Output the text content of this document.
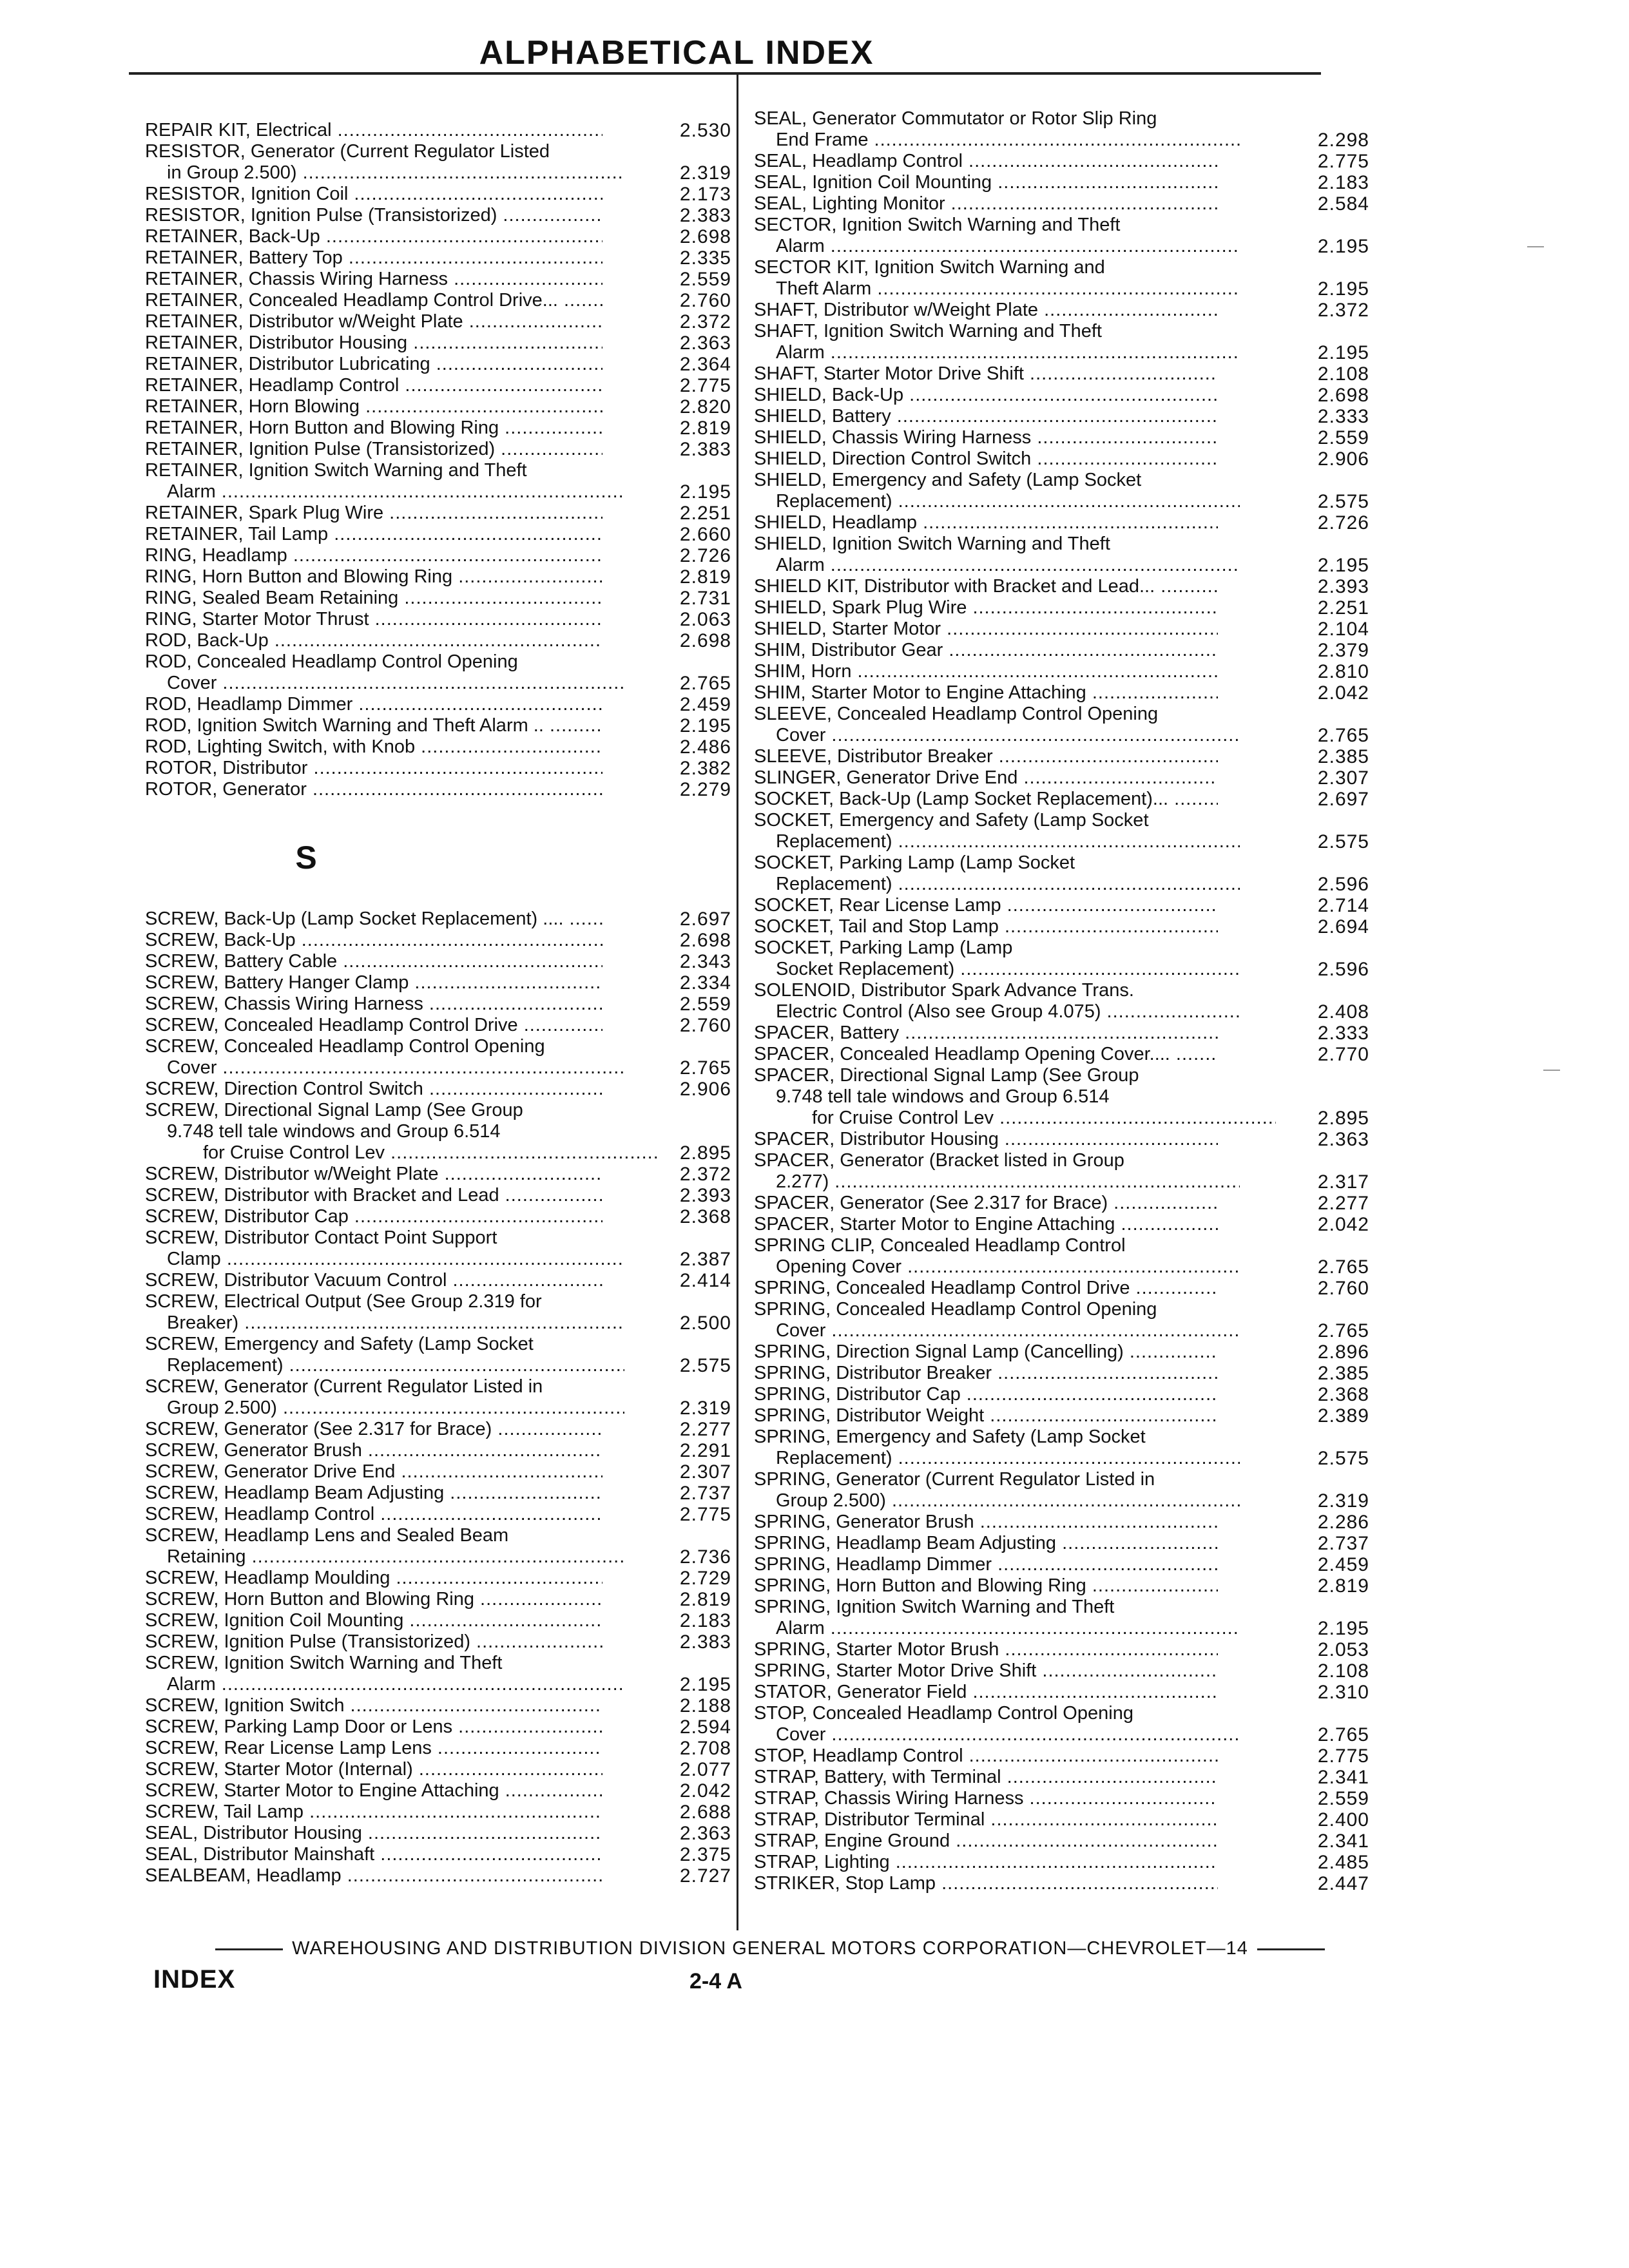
ALPHABETICAL INDEX
REPAIR KIT, Electrical .....	2.530
RESISTOR, Generator (Current Regulator Listed
in Group 2.500) .....	2.319
RESISTOR, Ignition Coil .....	2.173
RESISTOR, Ignition Pulse (Transistorized) .....	2.383
RETAINER, Back-Up .....	2.698
RETAINER, Battery Top .....	2.335
RETAINER, Chassis Wiring Harness .....	2.559
RETAINER, Concealed Headlamp Control Drive... .....	2.760
RETAINER, Distributor w/Weight Plate .....	2.372
RETAINER, Distributor Housing .....	2.363
RETAINER, Distributor Lubricating .....	2.364
RETAINER, Headlamp Control .....	2.775
RETAINER, Horn Blowing .....	2.820
RETAINER, Horn Button and Blowing Ring .....	2.819
RETAINER, Ignition Pulse (Transistorized) .....	2.383
RETAINER, Ignition Switch Warning and Theft
Alarm .....	2.195
RETAINER, Spark Plug Wire .....	2.251
RETAINER, Tail Lamp .....	2.660
RING, Headlamp .....	2.726
RING, Horn Button and Blowing Ring .....	2.819
RING, Sealed Beam Retaining .....	2.731
RING, Starter Motor Thrust .....	2.063
ROD, Back-Up .....	2.698
ROD, Concealed Headlamp Control Opening
Cover .....	2.765
ROD, Headlamp Dimmer .....	2.459
ROD, Ignition Switch Warning and Theft Alarm .. .....	2.195
ROD, Lighting Switch, with Knob .....	2.486
ROTOR, Distributor .....	2.382
ROTOR, Generator .....	2.279
S
SCREW, Back-Up (Lamp Socket Replacement) .... .....	2.697
SCREW, Back-Up .....	2.698
SCREW, Battery Cable .....	2.343
SCREW, Battery Hanger Clamp .....	2.334
SCREW, Chassis Wiring Harness .....	2.559
SCREW, Concealed Headlamp Control Drive .....	2.760
SCREW, Concealed Headlamp Control Opening
Cover .....	2.765
SCREW, Direction Control Switch .....	2.906
SCREW, Directional Signal Lamp (See Group
9.748 tell tale windows and Group 6.514
for Cruise Control Lev .....	2.895
SCREW, Distributor w/Weight Plate .....	2.372
SCREW, Distributor with Bracket and Lead .....	2.393
SCREW, Distributor Cap .....	2.368
SCREW, Distributor Contact Point Support
Clamp .....	2.387
SCREW, Distributor Vacuum Control .....	2.414
SCREW, Electrical Output (See Group 2.319 for
Breaker) .....	2.500
SCREW, Emergency and Safety (Lamp Socket
Replacement) .....	2.575
SCREW, Generator (Current Regulator Listed in
Group 2.500) .....	2.319
SCREW, Generator (See 2.317 for Brace) .....	2.277
SCREW, Generator Brush .....	2.291
SCREW, Generator Drive End .....	2.307
SCREW, Headlamp Beam Adjusting .....	2.737
SCREW, Headlamp Control .....	2.775
SCREW, Headlamp Lens and Sealed Beam
Retaining .....	2.736
SCREW, Headlamp Moulding .....	2.729
SCREW, Horn Button and Blowing Ring .....	2.819
SCREW, Ignition Coil Mounting .....	2.183
SCREW, Ignition Pulse (Transistorized) .....	2.383
SCREW, Ignition Switch Warning and Theft
Alarm .....	2.195
SCREW, Ignition Switch .....	2.188
SCREW, Parking Lamp Door or Lens .....	2.594
SCREW, Rear License Lamp Lens .....	2.708
SCREW, Starter Motor (Internal) .....	2.077
SCREW, Starter Motor to Engine Attaching .....	2.042
SCREW, Tail Lamp .....	2.688
SEAL, Distributor Housing .....	2.363
SEAL, Distributor Mainshaft .....	2.375
SEALBEAM, Headlamp .....	2.727
SEAL, Generator Commutator or Rotor Slip Ring
End Frame .....	2.298
SEAL, Headlamp Control .....	2.775
SEAL, Ignition Coil Mounting .....	2.183
SEAL, Lighting Monitor .....	2.584
SECTOR, Ignition Switch Warning and Theft
Alarm .....	2.195
SECTOR KIT, Ignition Switch Warning and
Theft Alarm .....	2.195
SHAFT, Distributor w/Weight Plate .....	2.372
SHAFT, Ignition Switch Warning and Theft
Alarm .....	2.195
SHAFT, Starter Motor Drive Shift .....	2.108
SHIELD, Back-Up .....	2.698
SHIELD, Battery .....	2.333
SHIELD, Chassis Wiring Harness .....	2.559
SHIELD, Direction Control Switch .....	2.906
SHIELD, Emergency and Safety (Lamp Socket
Replacement) .....	2.575
SHIELD, Headlamp .....	2.726
SHIELD, Ignition Switch Warning and Theft
Alarm .....	2.195
SHIELD KIT, Distributor with Bracket and Lead... .....	2.393
SHIELD, Spark Plug Wire .....	2.251
SHIELD, Starter Motor .....	2.104
SHIM, Distributor Gear .....	2.379
SHIM, Horn .....	2.810
SHIM, Starter Motor to Engine Attaching .....	2.042
SLEEVE, Concealed Headlamp Control Opening
Cover .....	2.765
SLEEVE, Distributor Breaker .....	2.385
SLINGER, Generator Drive End .....	2.307
SOCKET, Back-Up (Lamp Socket Replacement)... .....	2.697
SOCKET, Emergency and Safety (Lamp Socket
Replacement) .....	2.575
SOCKET, Parking Lamp (Lamp Socket
Replacement) .....	2.596
SOCKET, Rear License Lamp .....	2.714
SOCKET, Tail and Stop Lamp .....	2.694
SOCKET, Parking Lamp (Lamp
Socket Replacement) .....	2.596
SOLENOID, Distributor Spark Advance Trans.
Electric Control (Also see Group 4.075) .....	2.408
SPACER, Battery .....	2.333
SPACER, Concealed Headlamp Opening Cover.... .....	2.770
SPACER, Directional Signal Lamp (See Group
9.748 tell tale windows and Group 6.514
for Cruise Control Lev .....	2.895
SPACER, Distributor Housing .....	2.363
SPACER, Generator (Bracket listed in Group
2.277) .....	2.317
SPACER, Generator (See 2.317 for Brace) .....	2.277
SPACER, Starter Motor to Engine Attaching .....	2.042
SPRING CLIP, Concealed Headlamp Control
Opening Cover .....	2.765
SPRING, Concealed Headlamp Control Drive .....	2.760
SPRING, Concealed Headlamp Control Opening
Cover .....	2.765
SPRING, Direction Signal Lamp (Cancelling) .....	2.896
SPRING, Distributor Breaker .....	2.385
SPRING, Distributor Cap .....	2.368
SPRING, Distributor Weight .....	2.389
SPRING, Emergency and Safety (Lamp Socket
Replacement) .....	2.575
SPRING, Generator (Current Regulator Listed in
Group 2.500) .....	2.319
SPRING, Generator Brush .....	2.286
SPRING, Headlamp Beam Adjusting .....	2.737
SPRING, Headlamp Dimmer .....	2.459
SPRING, Horn Button and Blowing Ring .....	2.819
SPRING, Ignition Switch Warning and Theft
Alarm .....	2.195
SPRING, Starter Motor Brush .....	2.053
SPRING, Starter Motor Drive Shift .....	2.108
STATOR, Generator Field .....	2.310
STOP, Concealed Headlamp Control Opening
Cover .....	2.765
STOP, Headlamp Control .....	2.775
STRAP, Battery, with Terminal .....	2.341
STRAP, Chassis Wiring Harness .....	2.559
STRAP, Distributor Terminal .....	2.400
STRAP, Engine Ground .....	2.341
STRAP, Lighting .....	2.485
STRIKER, Stop Lamp .....	2.447
WAREHOUSING AND DISTRIBUTION DIVISION GENERAL MOTORS CORPORATION—CHEVROLET—14
INDEX	2-4 A
